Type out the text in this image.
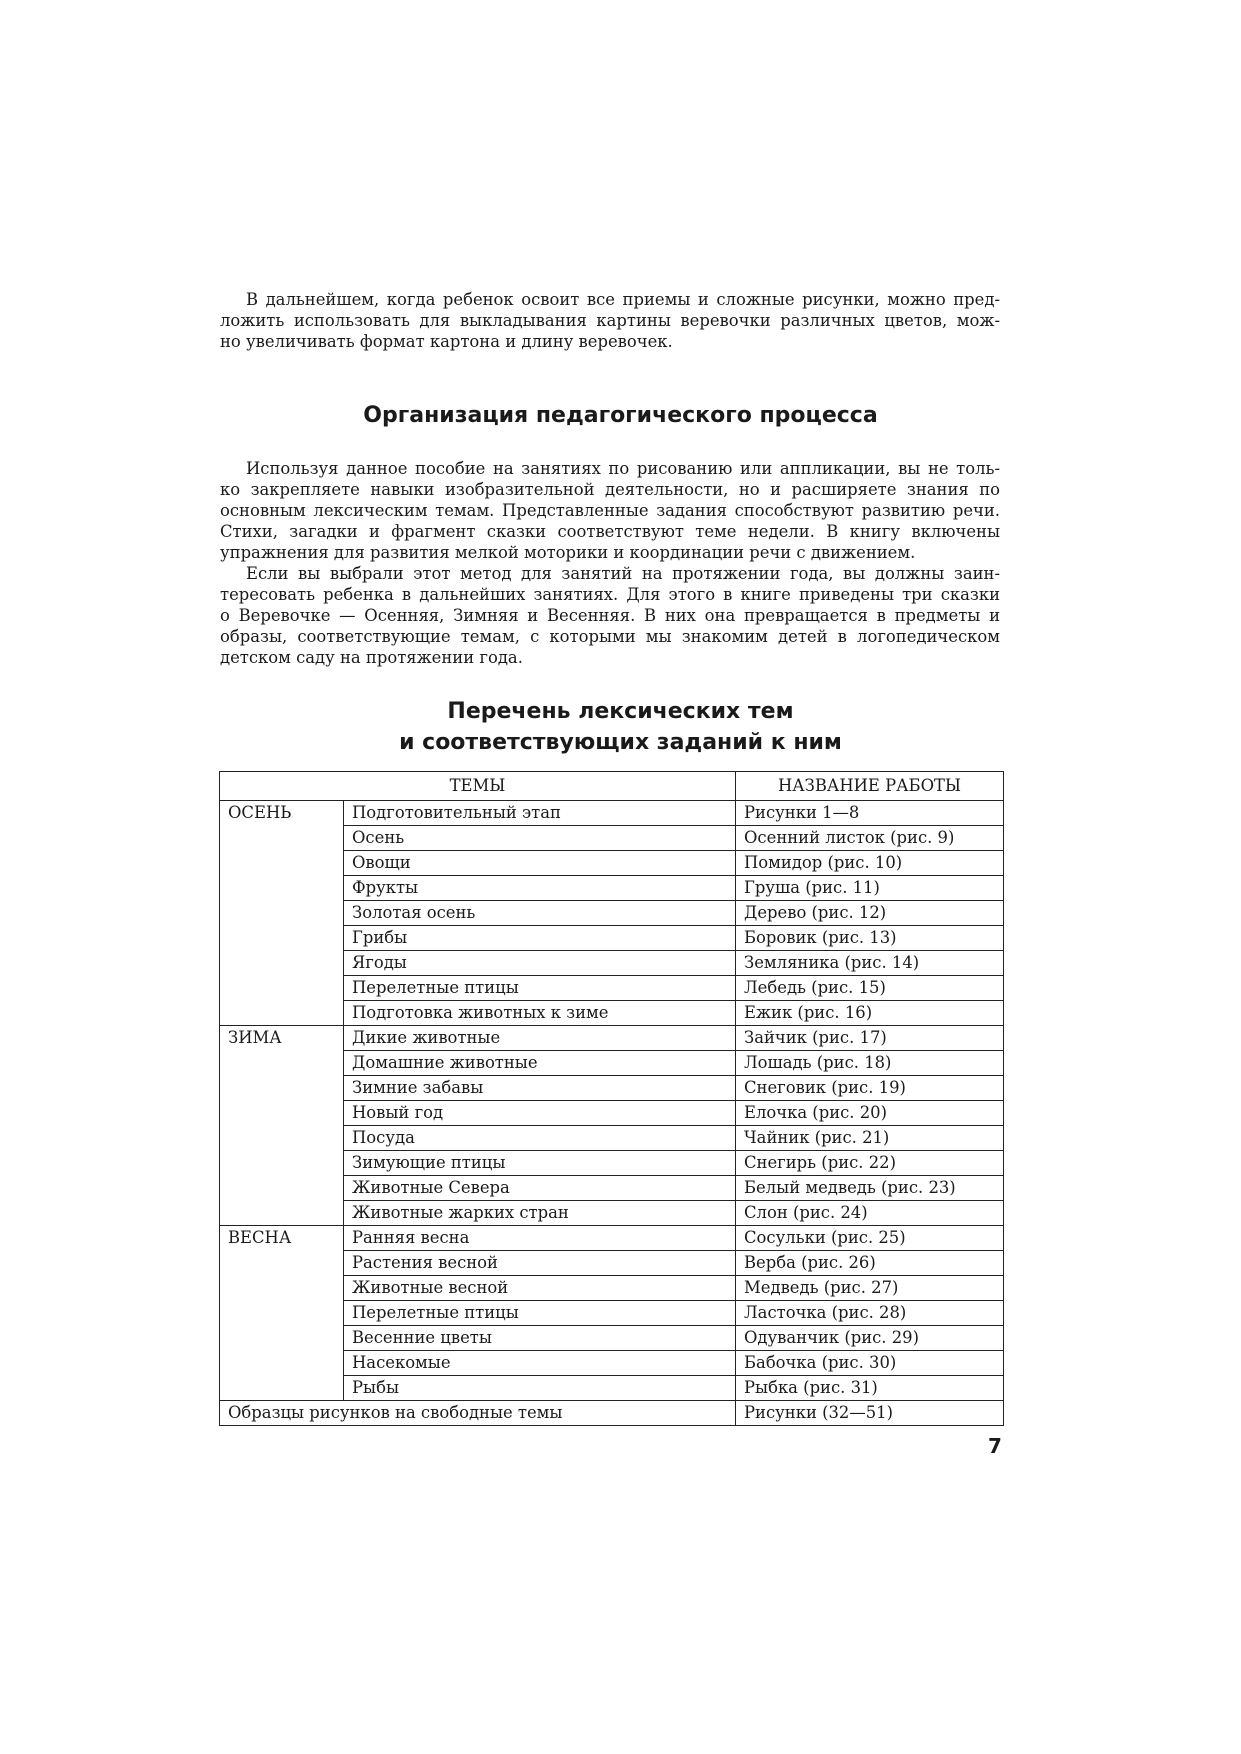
В дальнейшем, когда ребенок освоит все приемы и сложные рисунки, можно пред-
ложить использовать для выкладывания картины веревочки различных цветов, мож-
но увеличивать формат картона и длину веревочек.

Организация педагогического процесса

Используя данное пособие на занятиях по рисованию или аппликации, вы не толь-
ко закрепляете навыки изобразительной деятельности, но и расширяете знания по
основным лексическим темам. Представленные задания способствуют развитию речи.
Стихи, загадки и фрагмент сказки соответствуют теме недели. В книгу включены
упражнения для развития мелкой моторики и координации речи с движением.

Если вы выбрали этот метод для занятий на протяжении года, вы должны заин-
тересовать ребенка в дальнейших занятиях. Для этого в книге приведены три сказки
о Веревочке — Осенняя, Зимняя и Весенняя. В них она превращается в предметы и
образы, соответствующие темам, с которыми мы знакомим детей в логопедическом
детском саду на протяжении года.

Перечень лексических тем
и соответствующих заданий к ним
ТЕМЫ		НАЗВАНИЕ РАБОТЫ
ОСЕНЬ	Подготовительный этап	Рисунки 1—8
	Осень	Осенний листок (рис. 9)
	Овощи	Помидор (рис. 10)
	Фрукты	Груша (рис. 11)
	Золотая осень	Дерево (рис. 12)
	Грибы	Боровик (рис. 13)
	Ягоды	Земляника (рис. 14)
	Перелетные птицы	Лебедь (рис. 15)
	Подготовка животных к зиме	Ежик (рис. 16)
ЗИМА	Дикие животные	Зайчик (рис. 17)
	Домашние животные	Лошадь (рис. 18)
	Зимние забавы	Снеговик (рис. 19)
	Новый год	Елочка (рис. 20)
	Посуда	Чайник (рис. 21)
	Зимующие птицы	Снегирь (рис. 22)
	Животные Севера	Белый медведь (рис. 23)
	Животные жарких стран	Слон (рис. 24)
ВЕСНА	Ранняя весна	Сосульки (рис. 25)
	Растения весной	Верба (рис. 26)
	Животные весной	Медведь (рис. 27)
	Перелетные птицы	Ласточка (рис. 28)
	Весенние цветы	Одуванчик (рис. 29)
	Насекомые	Бабочка (рис. 30)
	Рыбы	Рыбка (рис. 31)
Образцы рисунков на свободные темы		Рисунки (32—51)

7
